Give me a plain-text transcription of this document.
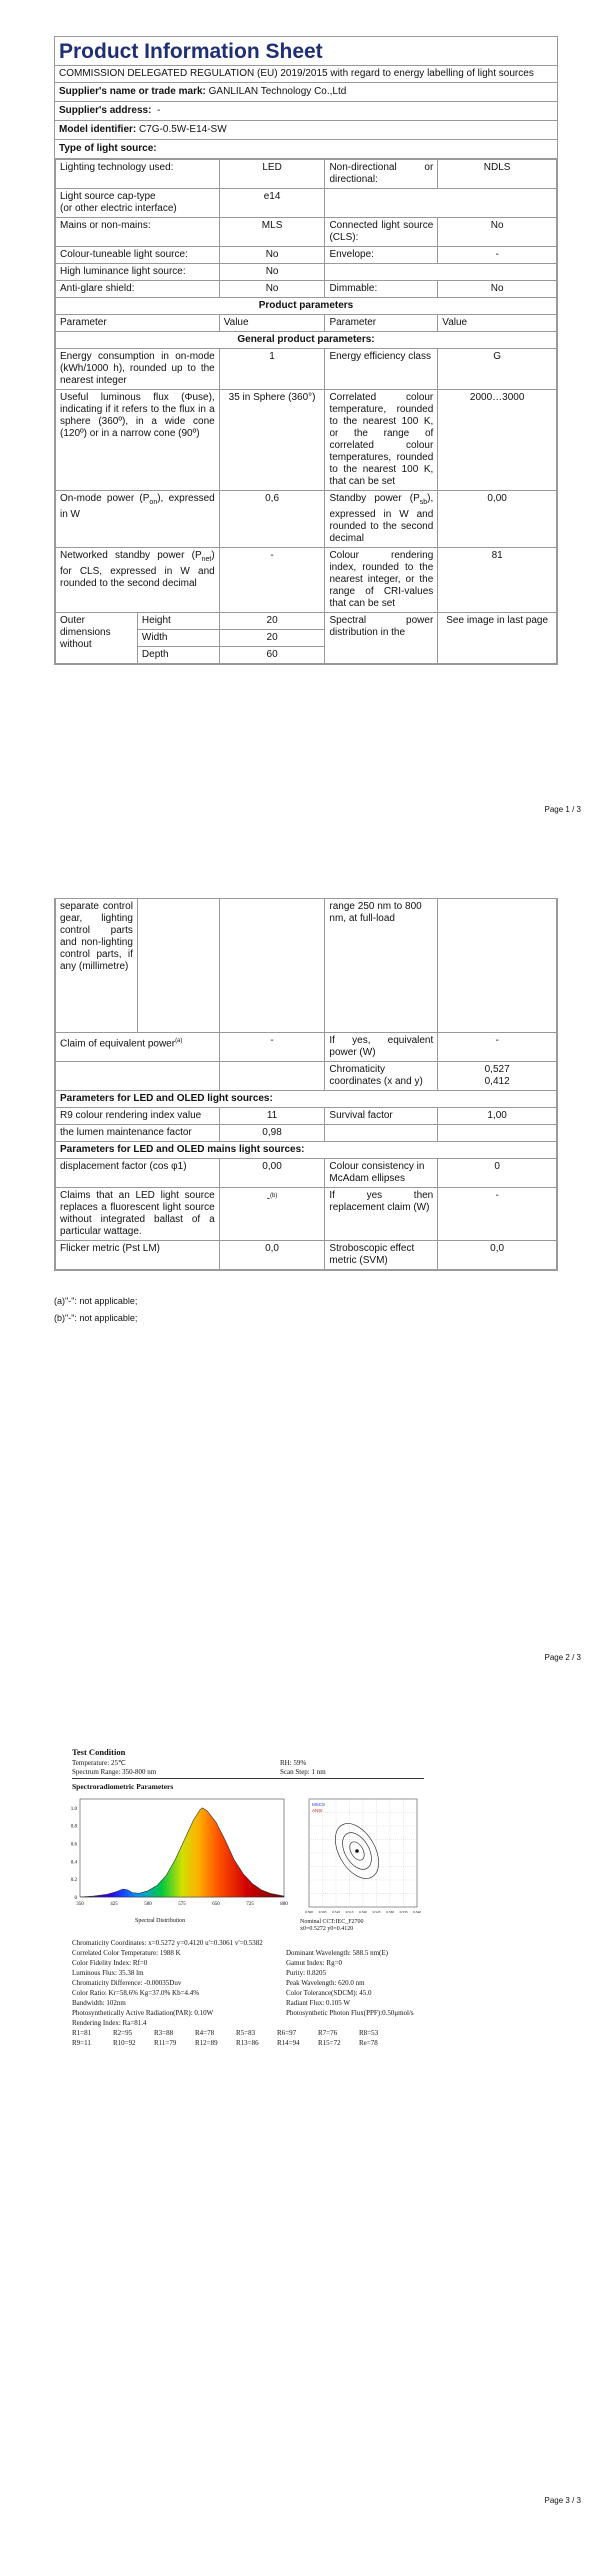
Product Information Sheet
COMMISSION DELEGATED REGULATION (EU) 2019/2015 with regard to energy labelling of light sources
Supplier's name or trade mark: GANLILAN Technology Co.,Ltd
Supplier's address: -
Model identifier: C7G-0.5W-E14-SW
Type of light source:
Lighting technology used:		LED	Non-directional or directional:	NDLS
Light source cap-type
(or other electric interface)		e14		
Mains or non-mains:		MLS	Connected light source (CLS):	No
Colour-tuneable light source:		No	Envelope:	-
High luminance light source:		No		
Anti-glare shield:		No	Dimmable:	No
Product parameters				
Parameter		Value	Parameter	Value
General product parameters:				
Energy consumption in on-mode (kWh/1000 h), rounded up to the nearest integer		1	Energy efficiency class	G
Useful luminous flux (Φuse), indicating if it refers to the flux in a sphere (360º), in a wide cone (120º) or in a narrow cone (90º)		35 in Sphere (360°)	Correlated colour temperature, rounded to the nearest 100 K, or the range of correlated colour temperatures, rounded to the nearest 100 K, that can be set	2000…3000
On-mode power $(P_{on})$, expressed in W		0,6	Standby power $(P_{sb})$, expressed in W and rounded to the second decimal	0,00
Networked standby power $(P_{net})$ for CLS, expressed in W and rounded to the second decimal		-	Colour rendering index, rounded to the nearest integer, or the range of CRI-values that can be set	81
Outer dimensions without	Height	20	Spectral power distribution in the	See image in last page
	Width	20		
	Depth	60		
Page 1 / 3
separate control gear, lighting control parts and non-lighting control parts, if any (millimetre)			range 250 nm to 800 nm, at full-load	
Claim of equivalent power$^{(a)}$		-	If yes, equivalent power (W)	-
			Chromaticity coordinates (x and y)	0,527
0,412

Parameters for LED and OLED light sources:				
R9 colour rendering index value		11	Survival factor	1,00
the lumen maintenance factor		0,98		
Parameters for LED and OLED mains light sources:				
displacement factor (cos φ1)		0,00	Colour consistency in McAdam ellipses	0
Claims that an LED light source replaces a fluorescent light source without integrated ballast of a particular wattage.		-$^{(b)}$	If yes then replacement claim (W)	-
Flicker metric (Pst LM)		0,0	Stroboscopic effect metric (SVM)	0,0
(a)"-": not applicable;
(b)"-": not applicable;
Page 2 / 3
Test Condition
Temperature: 25℃	RH: 59%
Spectrum Range: 350-800 nm	Scan Step: 1 nm
Spectroradiometric Parameters
0
0.2
0.4
0.6
0.8
1.0
350	425	500	575	650	725	800
Spectral Distribution
0.500 0.505 0.510 0.515 0.520 0.525 0.530 0.535 0.540
MSCS
ANSI
Nominal CCT:IEC_F2700
x0=0.5272 y0=0.4120
Chromaticity Coordinates: x=0.5272 y=0.4120 u'=0.3061 v'=0.5382
Correlated Color Temperature: 1988 K	Dominant Wavelength: 588.5 nm(E)
Color Fidelity Index: Rf=0	Gamut Index: Rg=0
Luminous Flux: 35.38 lm	Purity: 0.8205
Chromaticity Difference: -0.00035Duv	Peak Wavelength: 620.0 nm
Color Ratio: Kr=58.6% Kg=37.0% Kb=4.4%	Color Tolerance(SDCM): 45.0
Bandwidth: 102nm	Radiant Flux: 0.105 W
Photosynthetically Active Radiation(PAR): 0.10W	Photosynthetic Photon Flux(PPF):0.50μmol/s
Rendering Index: Ra=81.4
R1=81	R2=95	R3=88	R4=78	R5=83	R6=97	R7=76	R8=53
R9=11	R10=92	R11=79	R12=89	R13=86	R14=94	R15=72	Re=78
Page 3 / 3
